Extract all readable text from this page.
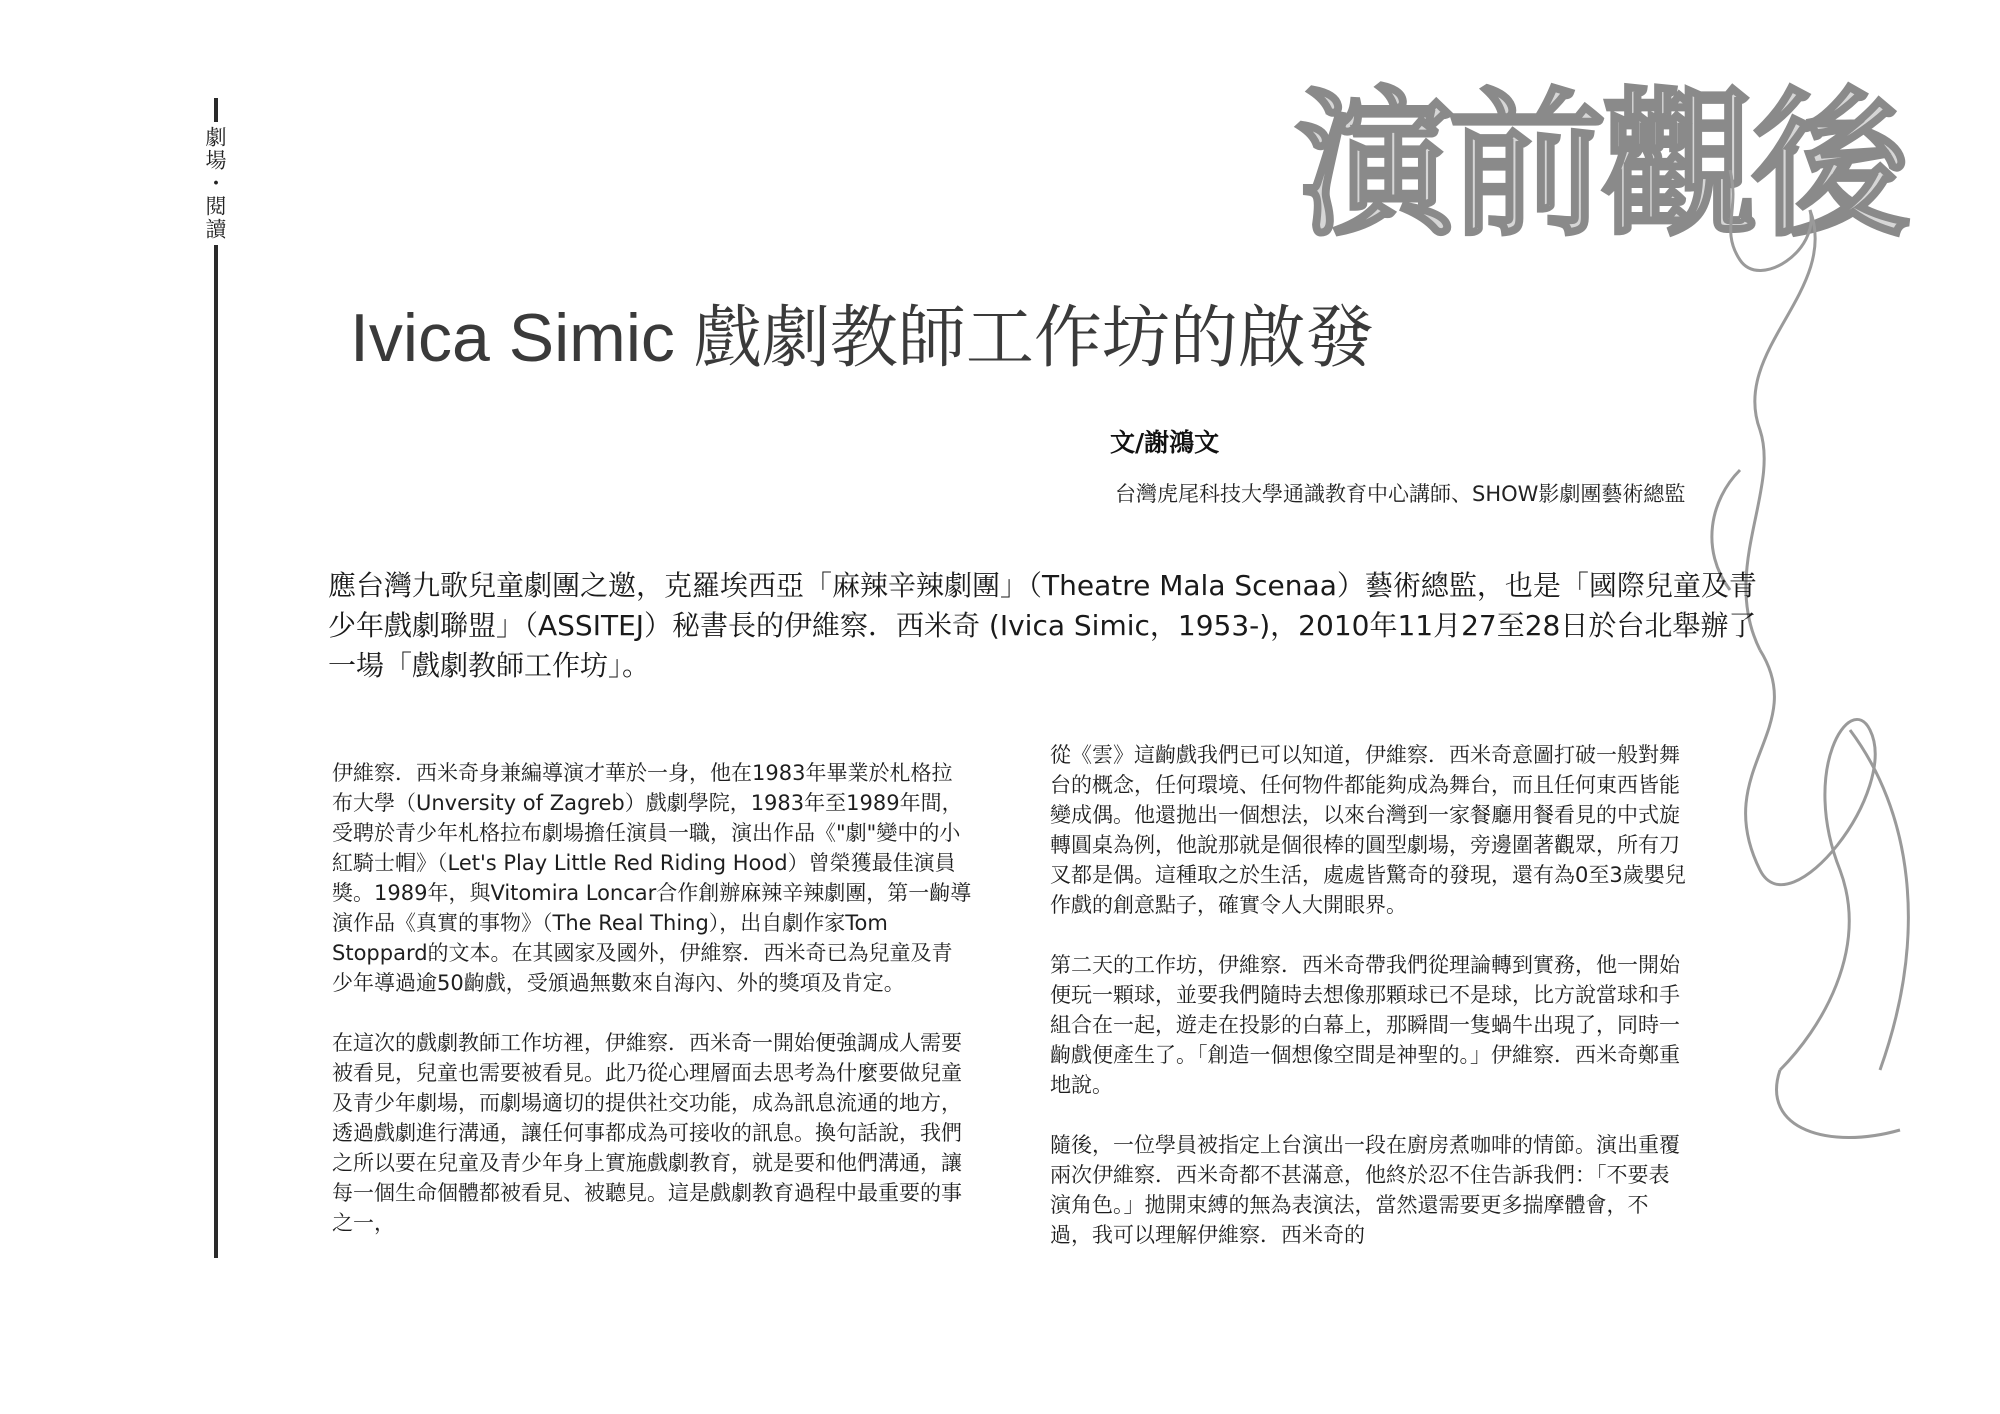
劇場・閱讀	演前觀後
Ivica Simic 戲劇教師工作坊的啟發
文/謝鴻文
台灣虎尾科技大學通識教育中心講師、SHOW影劇團藝術總監
應台灣九歌兒童劇團之邀，克羅埃西亞「麻辣辛辣劇團」（Theatre Mala Scenaa）藝術總監，也是「國際兒童及青少年戲劇聯盟」（ASSITEJ）秘書長的伊維察．西米奇 (Ivica Simic，1953-)，2010年11月27至28日於台北舉辦了一場「戲劇教師工作坊」。

伊維察．西米奇身兼編導演才華於一身，他在1983年畢業於札格拉布大學（Unversity of Zagreb）戲劇學院，1983年至1989年間，受聘於青少年札格拉布劇場擔任演員一職，演出作品《"劇"變中的小紅騎士帽》（Let's Play Little Red Riding Hood）曾榮獲最佳演員獎。1989年，與Vitomira Loncar合作創辦麻辣辛辣劇團，第一齣導演作品《真實的事物》（The Real Thing），出自劇作家Tom Stoppard的文本。在其國家及國外，伊維察．西米奇已為兒童及青少年導過逾50齣戲，受頒過無數來自海內、外的獎項及肯定。

在這次的戲劇教師工作坊裡，伊維察．西米奇一開始便強調成人需要被看見，兒童也需要被看見。此乃從心理層面去思考為什麼要做兒童及青少年劇場，而劇場適切的提供社交功能，成為訊息流通的地方，透過戲劇進行溝通，讓任何事都成為可接收的訊息。換句話說，我們之所以要在兒童及青少年身上實施戲劇教育，就是要和他們溝通，讓每一個生命個體都被看見、被聽見。這是戲劇教育過程中最重要的事之一，

從《雲》這齣戲我們已可以知道，伊維察．西米奇意圖打破一般對舞台的概念，任何環境、任何物件都能夠成為舞台，而且任何東西皆能變成偶。他還拋出一個想法，以來台灣到一家餐廳用餐看見的中式旋轉圓桌為例，他說那就是個很棒的圓型劇場，旁邊圍著觀眾，所有刀叉都是偶。這種取之於生活，處處皆驚奇的發現，還有為0至3歲嬰兒作戲的創意點子，確實令人大開眼界。

第二天的工作坊，伊維察．西米奇帶我們從理論轉到實務，他一開始便玩一顆球，並要我們隨時去想像那顆球已不是球，比方說當球和手組合在一起，遊走在投影的白幕上，那瞬間一隻蝸牛出現了，同時一齣戲便產生了。「創造一個想像空間是神聖的。」伊維察．西米奇鄭重地說。

隨後，一位學員被指定上台演出一段在廚房煮咖啡的情節。演出重覆兩次伊維察．西米奇都不甚滿意，他終於忍不住告訴我們：「不要表演角色。」拋開束縛的無為表演法，當然還需要更多揣摩體會，不過，我可以理解伊維察．西米奇的
